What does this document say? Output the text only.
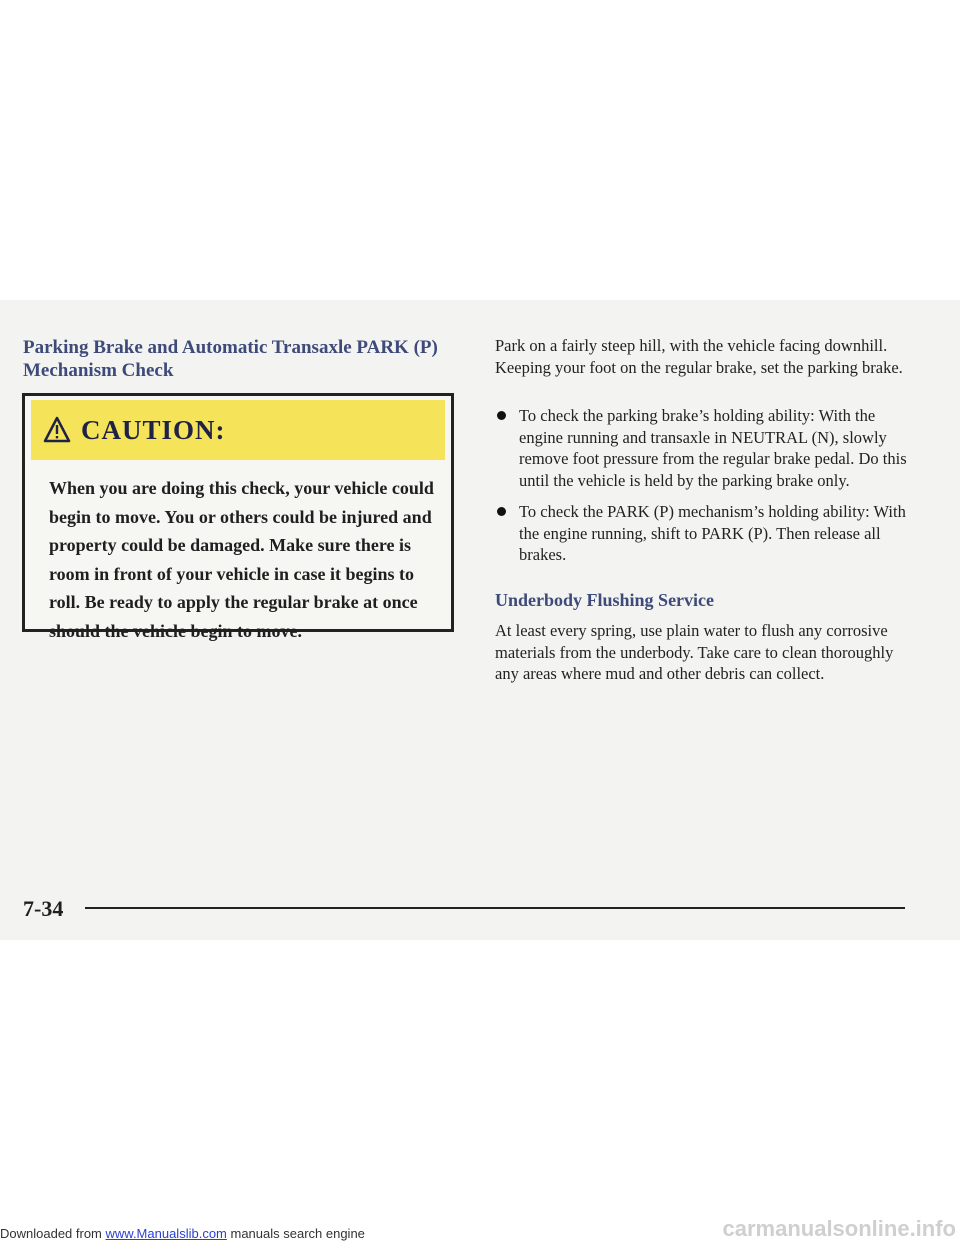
Parking Brake and Automatic Transaxle PARK (P) Mechanism Check
CAUTION:

When you are doing this check, your vehicle could begin to move. You or others could be injured and property could be damaged. Make sure there is room in front of your vehicle in case it begins to roll. Be ready to apply the regular brake at once should the vehicle begin to move.

Park on a fairly steep hill, with the vehicle facing downhill. Keeping your foot on the regular brake, set the parking brake.

To check the parking brake’s holding ability: With the engine running and transaxle in NEUTRAL (N), slowly remove foot pressure from the regular brake pedal. Do this until the vehicle is held by the parking brake only.
To check the PARK (P) mechanism’s holding ability: With the engine running, shift to PARK (P). Then release all brakes.
Underbody Flushing Service

At least every spring, use plain water to flush any corrosive materials from the underbody. Take care to clean thoroughly any areas where mud and other debris can collect.

7-34
Downloaded from www.Manualslib.com manuals search engine	carmanualsonline.info
